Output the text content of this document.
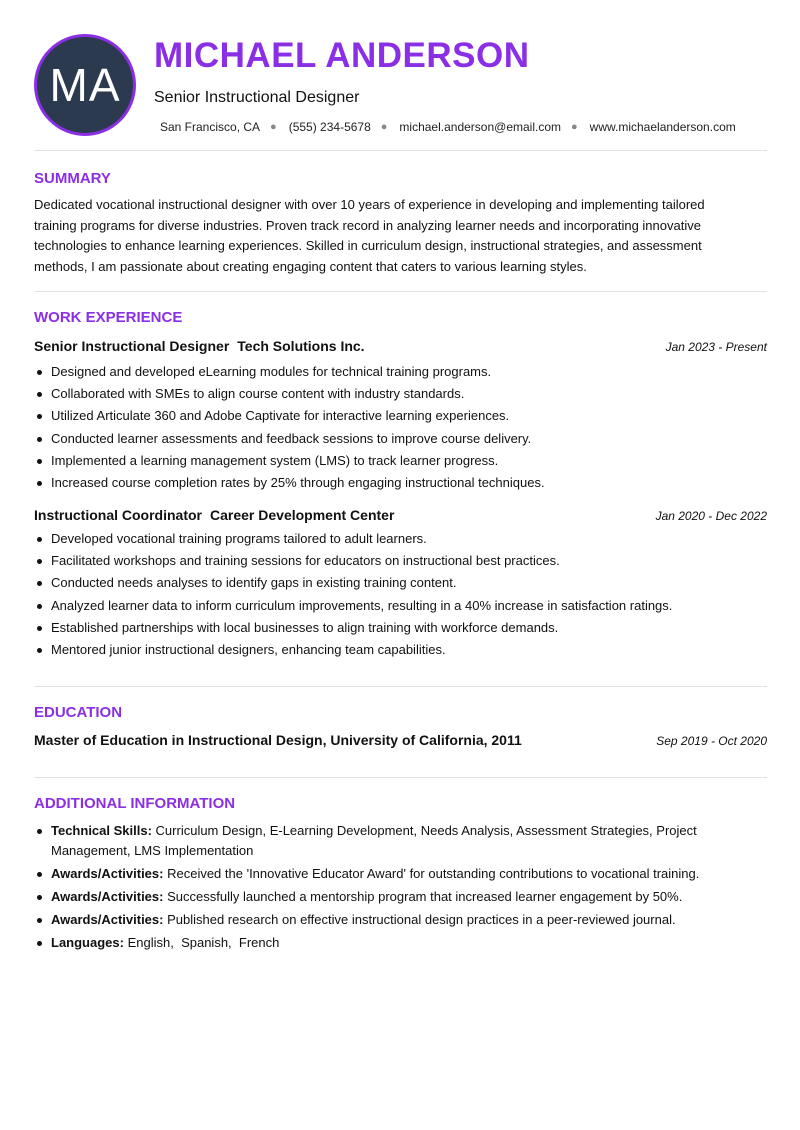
MA
MICHAEL ANDERSON
Senior Instructional Designer
San Francisco, CA ● (555) 234-5678 ● michael.anderson@email.com ● www.michaelanderson.com
SUMMARY

Dedicated vocational instructional designer with over 10 years of experience in developing and implementing tailored training programs for diverse industries. Proven track record in analyzing learner needs and incorporating innovative technologies to enhance learning experiences. Skilled in curriculum design, instructional strategies, and assessment methods, I am passionate about creating engaging content that caters to various learning styles.

WORK EXPERIENCE
Senior Instructional Designer Tech Solutions Inc.	Jan 2023 - Present
Designed and developed eLearning modules for technical training programs.
Collaborated with SMEs to align course content with industry standards.
Utilized Articulate 360 and Adobe Captivate for interactive learning experiences.
Conducted learner assessments and feedback sessions to improve course delivery.
Implemented a learning management system (LMS) to track learner progress.
Increased course completion rates by 25% through engaging instructional techniques.
Instructional Coordinator Career Development Center	Jan 2020 - Dec 2022
Developed vocational training programs tailored to adult learners.
Facilitated workshops and training sessions for educators on instructional best practices.
Conducted needs analyses to identify gaps in existing training content.
Analyzed learner data to inform curriculum improvements, resulting in a 40% increase in satisfaction ratings.
Established partnerships with local businesses to align training with workforce demands.
Mentored junior instructional designers, enhancing team capabilities.
EDUCATION
Master of Education in Instructional Design, University of California, 2011	Sep 2019 - Oct 2020
ADDITIONAL INFORMATION
Technical Skills: Curriculum Design, E-Learning Development, Needs Analysis, Assessment Strategies, Project Management, LMS Implementation
Awards/Activities: Received the 'Innovative Educator Award' for outstanding contributions to vocational training.
Awards/Activities: Successfully launched a mentorship program that increased learner engagement by 50%.
Awards/Activities: Published research on effective instructional design practices in a peer-reviewed journal.
Languages: English,  Spanish,  French
